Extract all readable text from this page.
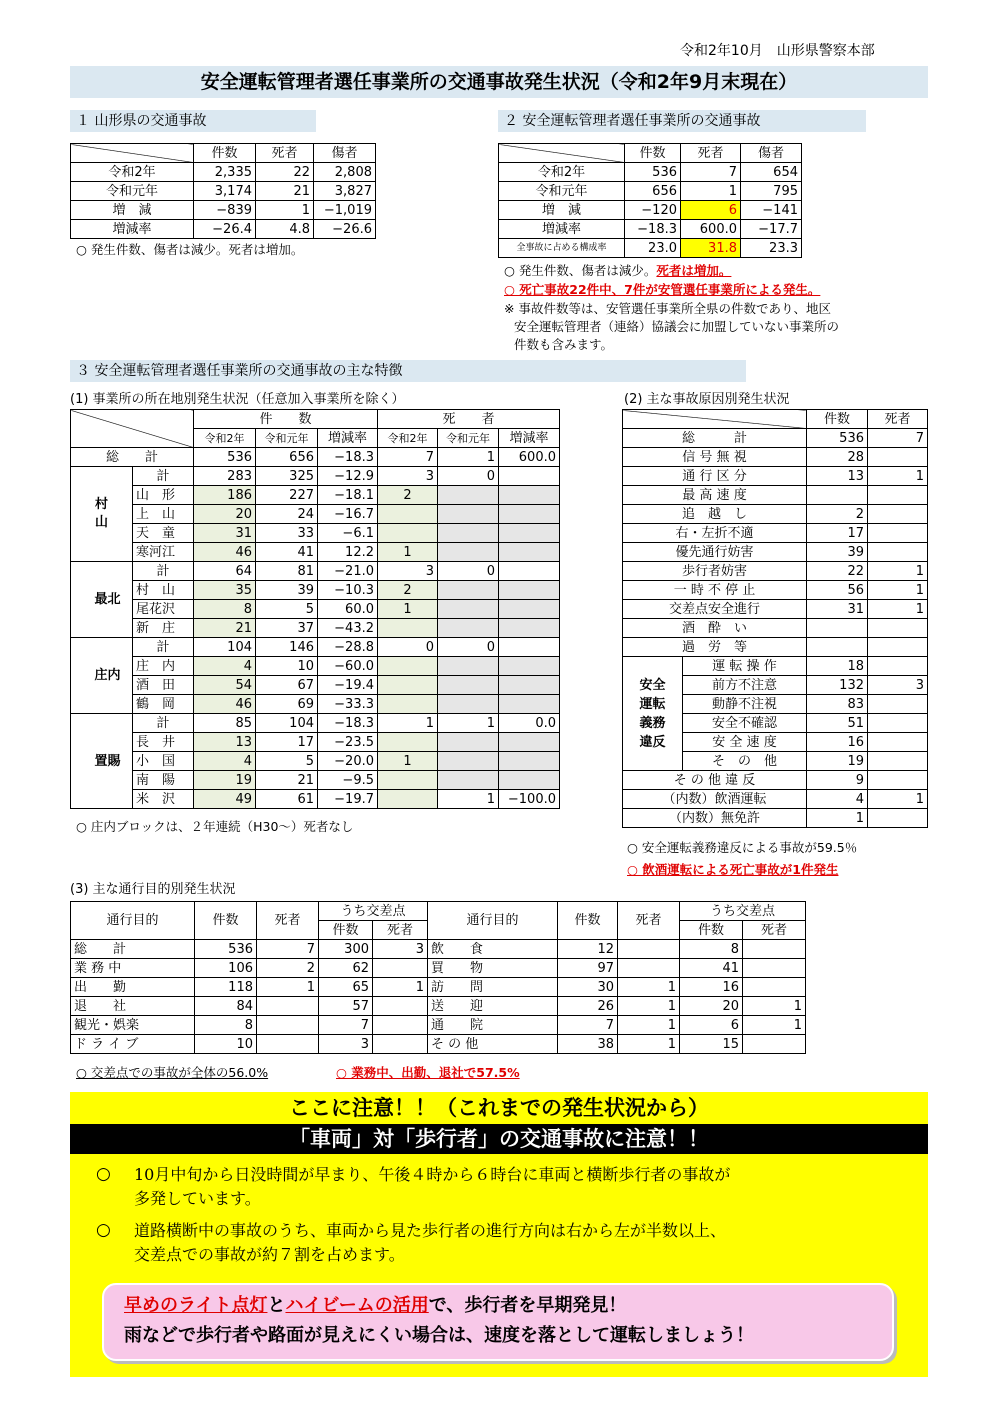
令和2年10月　山形県警察本部
安全運転管理者選任事業所の交通事故発生状況（令和2年9月末現在）
１ 山形県の交通事故
	件数	死者	傷者
令和2年	2,335	22	2,808
令和元年	3,174	21	3,827
増　減	−839	1	−1,019
増減率	−26.4	4.8	−26.6
○ 発生件数、傷者は減少。死者は増加。
２ 安全運転管理者選任事業所の交通事故
	件数	死者	傷者
令和2年	536	7	654
令和元年	656	1	795
増　減	−120	6	−141
増減率	−18.3	600.0	−17.7
全事故に占める構成率	23.0	31.8	23.3
○ 発生件数、傷者は減少。死者は増加。
○ 死亡事故22件中、7件が安管選任事業所による発生。
※ 事故件数等は、安管選任事業所全県の件数であり、地区
安全運転管理者（連絡）協議会に加盟していない事業所の
件数も含みます。
３ 安全運転管理者選任事業所の交通事故の主な特徴
(1) 事業所の所在地別発生状況（任意加入事業所を除く）
		件　　数			死　　者		
		令和2年	令和元年	増減率	令和2年	令和元年	増減率
総　　計		536	656	−18.3	7	1	600.0
村山	計	283	325	−12.9	3	0	
	山　形	186	227	−18.1	2		
	上　山	20	24	−16.7			
	天　童	31	33	−6.1			
	寒河江	46	41	12.2	1		
最北	計	64	81	−21.0	3	0	
	村　山	35	39	−10.3	2		
	尾花沢	8	5	60.0	1		
	新　庄	21	37	−43.2			
庄内	計	104	146	−28.8	0	0	
	庄　内	4	10	−60.0			
	酒　田	54	67	−19.4			
	鶴　岡	46	69	−33.3			
置賜	計	85	104	−18.3	1	1	0.0
	長　井	13	17	−23.5			
	小　国	4	5	−20.0	1		
	南　陽	19	21	−9.5			
	米　沢	49	61	−19.7		1	−100.0
○ 庄内ブロックは、２年連続（H30～）死者なし
(2) 主な事故原因別発生状況
		件数	死者
総　　　計		536	7
信 号 無 視		28	
通 行 区 分		13	1
最 高 速 度			
追　越　し		2	
右・左折不適		17	
優先通行妨害		39	
歩行者妨害		22	1
一 時 不 停 止		56	1
交差点安全進行		31	1
酒　酔　い			
過　労　等			
安全運転義務違反	運 転 操 作	18	
	前方不注意	132	3
	動静不注視	83	
	安全不確認	51	
	安 全 速 度	16	
	そ　の　他	19	
そ の 他 違 反		9	
（内数）飲酒運転		4	1
（内数）無免許		1	
○ 安全運転義務違反による事故が59.5％
○ 飲酒運転による死亡事故が1件発生
(3) 主な通行目的別発生状況
通行目的	件数	死者	うち交差点		通行目的	件数	死者	うち交差点	
			件数	死者				件数	死者
総　　計	536	7	300	3	飲　　食	12		8	
業 務 中	106	2	62		買　　物	97		41	
出　　勤	118	1	65	1	訪　　問	30	1	16	
退　　社	84		57		送　　迎	26	1	20	1
観光・娯楽	8		7		通　　院	7	1	6	1
ド ラ イ ブ	10		3		そ の 他	38	1	15	
○ 交差点での事故が全体の56.0%	○ 業務中、出勤、退社で57.5%
ここに注意！！（これまでの発生状況から）
「車両」対「歩行者」の交通事故に注意！！
○ 10月中旬から日没時間が早まり、午後４時から６時台に車両と横断歩行者の事故が
多発しています。
○ 道路横断中の事故のうち、車両から見た歩行者の進行方向は右から左が半数以上、
交差点での事故が約７割を占めます。
早めのライト点灯とハイビームの活用で、歩行者を早期発見！
雨などで歩行者や路面が見えにくい場合は、速度を落として運転しましょう！
